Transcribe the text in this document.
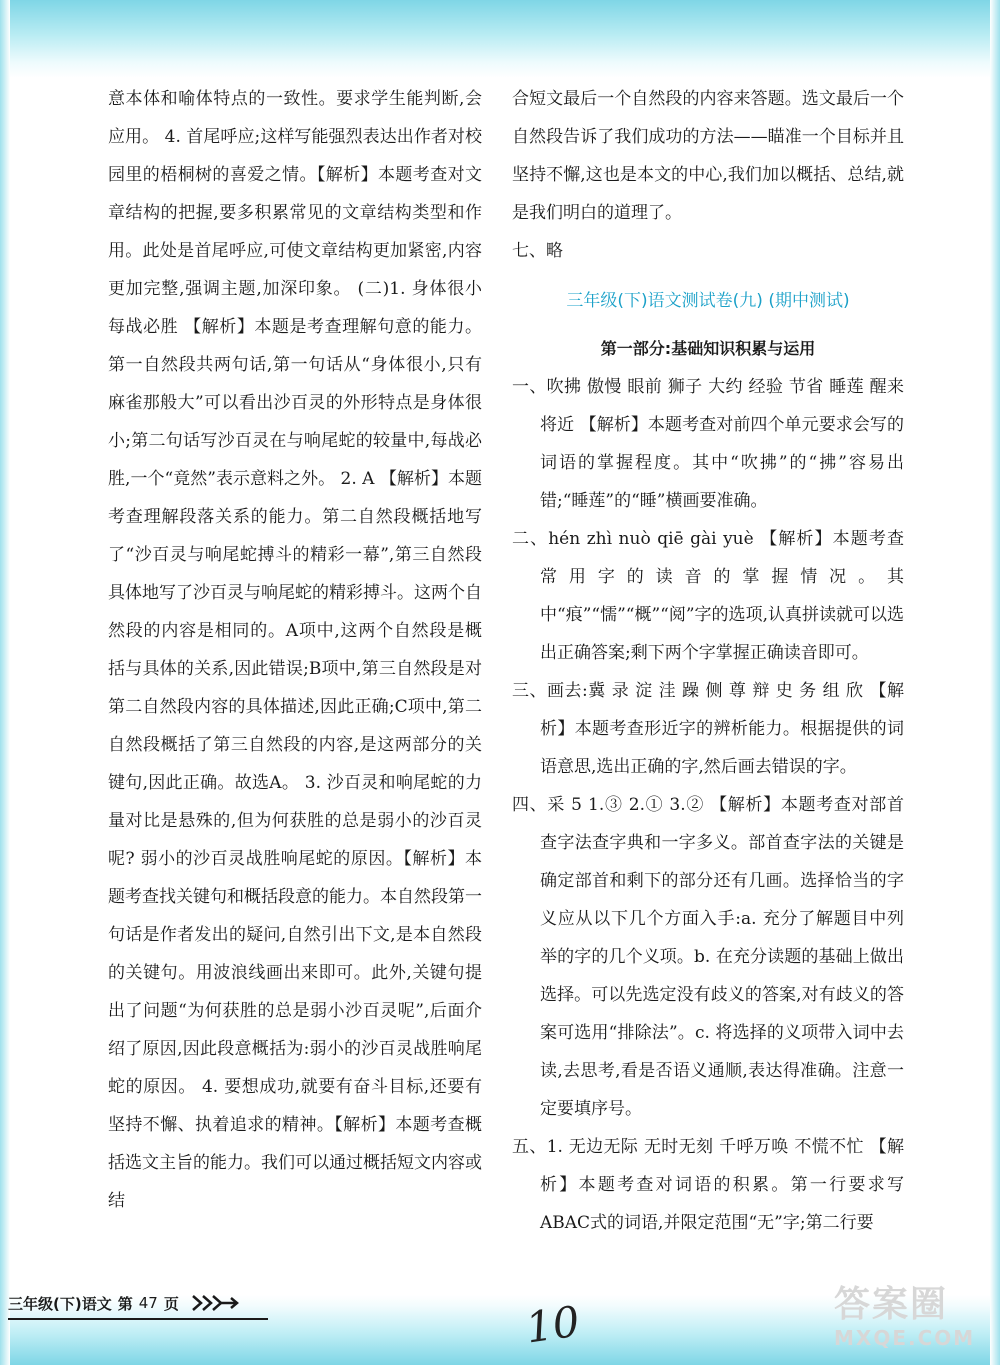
意本体和喻体特点的一致性。要求学生能判断,会应用。 4. 首尾呼应;这样写能强烈表达出作者对校园里的梧桐树的喜爱之情。【解析】本题考查对文章结构的把握,要多积累常见的文章结构类型和作用。此处是首尾呼应,可使文章结构更加紧密,内容更加完整,强调主题,加深印象。 (二)1. 身体很小 每战必胜 【解析】本题是考查理解句意的能力。第一自然段共两句话,第一句话从“身体很小,只有麻雀那般大”可以看出沙百灵的外形特点是身体很小;第二句话写沙百灵在与响尾蛇的较量中,每战必胜,一个“竟然”表示意料之外。 2. A 【解析】本题考查理解段落关系的能力。第二自然段概括地写了“沙百灵与响尾蛇搏斗的精彩一幕”,第三自然段具体地写了沙百灵与响尾蛇的精彩搏斗。这两个自然段的内容是相同的。A项中,这两个自然段是概括与具体的关系,因此错误;B项中,第三自然段是对第二自然段内容的具体描述,因此正确;C项中,第二自然段概括了第三自然段的内容,是这两部分的关键句,因此正确。故选A。 3. 沙百灵和响尾蛇的力量对比是悬殊的,但为何获胜的总是弱小的沙百灵呢? 弱小的沙百灵战胜响尾蛇的原因。【解析】本题考查找关键句和概括段意的能力。本自然段第一句话是作者发出的疑问,自然引出下文,是本自然段的关键句。用波浪线画出来即可。此外,关键句提出了问题“为何获胜的总是弱小沙百灵呢”,后面介绍了原因,因此段意概括为:弱小的沙百灵战胜响尾蛇的原因。 4. 要想成功,就要有奋斗目标,还要有坚持不懈、执着追求的精神。【解析】本题考查概括选文主旨的能力。我们可以通过概括短文内容或结

合短文最后一个自然段的内容来答题。选文最后一个自然段告诉了我们成功的方法——瞄准一个目标并且坚持不懈,这也是本文的中心,我们加以概括、总结,就是我们明白的道理了。

七、略

三年级(下)语文测试卷(九) (期中测试)
第一部分:基础知识积累与运用

一、吹拂 傲慢 眼前 狮子 大约 经验 节省 睡莲 醒来 将近 【解析】本题考查对前四个单元要求会写的词语的掌握程度。其中“吹拂”的“拂”容易出错;“睡莲”的“睡”横画要准确。

二、hén zhì nuò qiē gài yuè 【解析】本题考查常用字的读音的掌握情况。其中“痕”“懦”“概”“阅”字的选项,认真拼读就可以选出正确答案;剩下两个字掌握正确读音即可。

三、画去:冀 录 淀 洼 躁 侧 尊 辩 史 务 组 欣 【解析】本题考查形近字的辨析能力。根据提供的词语意思,选出正确的字,然后画去错误的字。

四、采 5 1.③ 2.① 3.② 【解析】本题考查对部首查字法查字典和一字多义。部首查字法的关键是确定部首和剩下的部分还有几画。选择恰当的字义应从以下几个方面入手:a. 充分了解题目中列举的字的几个义项。b. 在充分读题的基础上做出选择。可以先选定没有歧义的答案,对有歧义的答案可选用“排除法”。c. 将选择的义项带入词中去读,去思考,看是否语义通顺,表达得准确。注意一定要填序号。

五、1. 无边无际 无时无刻 千呼万唤 不慌不忙 【解析】本题考查对词语的积累。第一行要求写ABAC式的词语,并限定范围“无”字;第二行要

三年级(下)语文 第 47 页	10	答案圈
MXQE.COM
